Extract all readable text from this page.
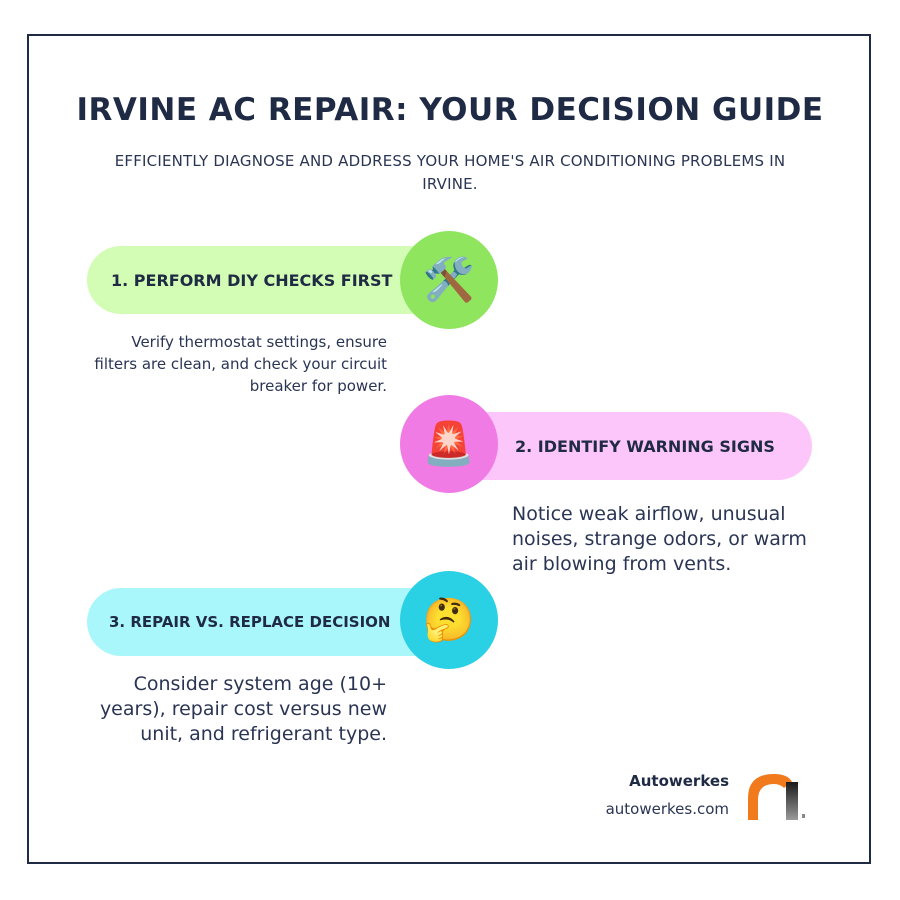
IRVINE AC REPAIR: YOUR DECISION GUIDE
EFFICIENTLY DIAGNOSE AND ADDRESS YOUR HOME'S AIR CONDITIONING PROBLEMS IN IRVINE.
1. PERFORM DIY CHECKS FIRST 🛠️
Verify thermostat settings, ensure filters are clean, and check your circuit breaker for power.
2. IDENTIFY WARNING SIGNS
🚨
Notice weak airflow, unusual noises, strange odors, or warm air blowing from vents.
3. REPAIR VS. REPLACE DECISION 🤔
Consider system age (10+ years), repair cost versus new unit, and refrigerant type.
Autowerkes
autowerkes.com
